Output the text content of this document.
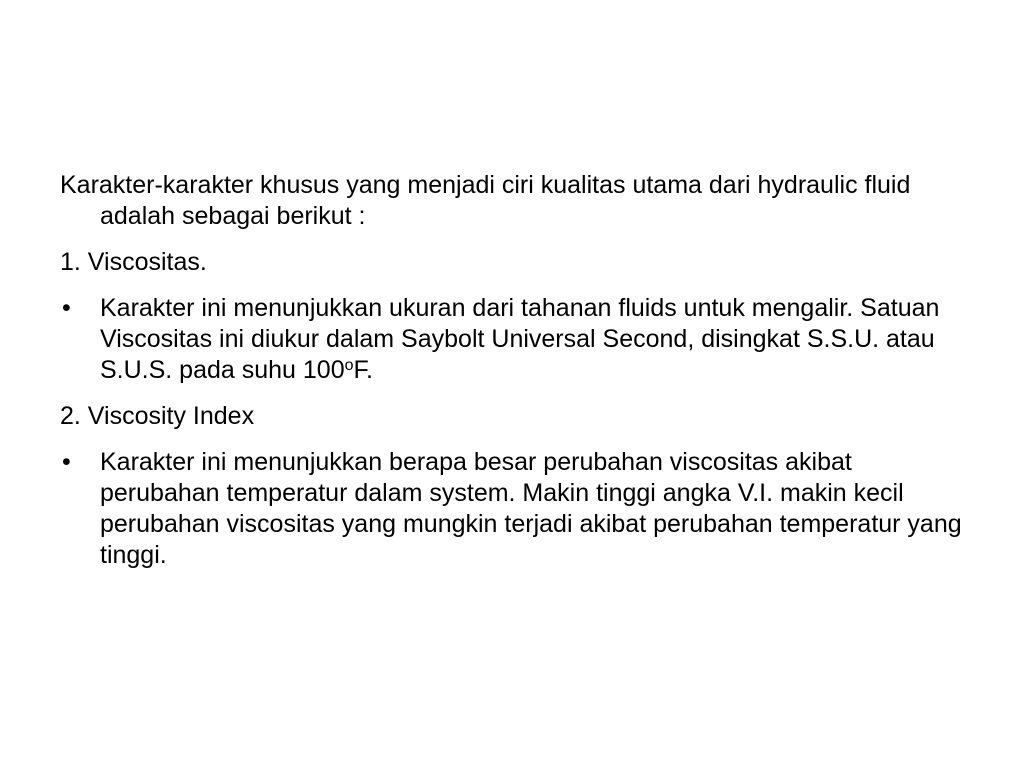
Karakter-karakter khusus yang menjadi ciri kualitas utama dari hydraulic fluid adalah sebagai berikut :

1. Viscositas.

• Karakter ini menunjukkan ukuran dari tahanan fluids untuk mengalir. Satuan Viscositas ini diukur dalam Saybolt Universal Second, disingkat S.S.U. atau S.U.S. pada suhu 100$^o$F.

2. Viscosity Index

• Karakter ini menunjukkan berapa besar perubahan viscositas akibat perubahan temperatur dalam system. Makin tinggi angka V.I. makin kecil perubahan viscositas yang mungkin terjadi akibat perubahan temperatur yang tinggi.
